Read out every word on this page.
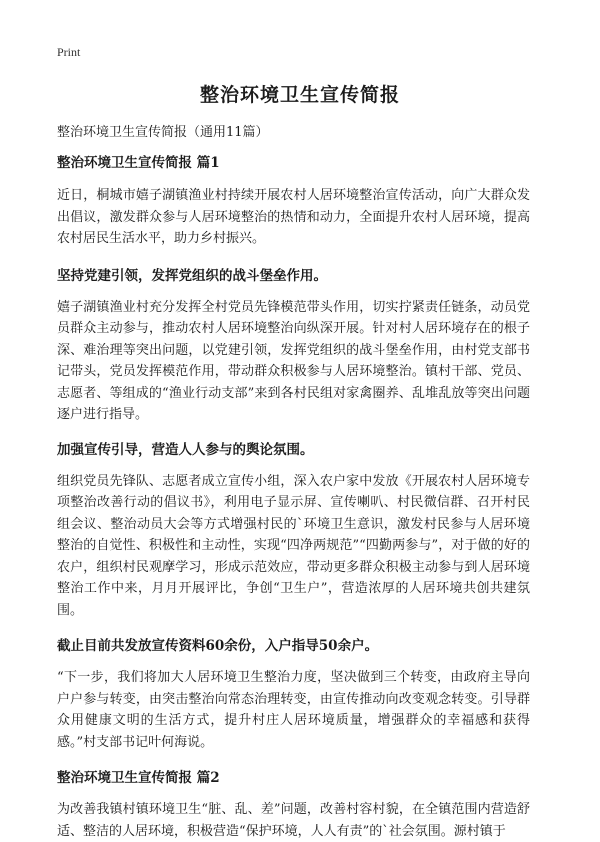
Print
整治环境卫生宣传简报
整治环境卫生宣传简报（通用11篇）
整治环境卫生宣传简报 篇1

近日，桐城市嬉子湖镇渔业村持续开展农村人居环境整治宣传活动，向广大群众发出倡议，激发群众参与人居环境整治的热情和动力，全面提升农村人居环境，提高农村居民生活水平，助力乡村振兴。

坚持党建引领，发挥党组织的战斗堡垒作用。

嬉子湖镇渔业村充分发挥全村党员先锋模范带头作用，切实拧紧责任链条，动员党员群众主动参与，推动农村人居环境整治向纵深开展。针对村人居环境存在的根子深、难治理等突出问题，以党建引领，发挥党组织的战斗堡垒作用，由村党支部书记带头，党员发挥模范作用，带动群众积极参与人居环境整治。镇村干部、党员、志愿者、等组成的“渔业行动支部”来到各村民组对家禽圈养、乱堆乱放等突出问题逐户进行指导。

加强宣传引导，营造人人参与的舆论氛围。

组织党员先锋队、志愿者成立宣传小组，深入农户家中发放《开展农村人居环境专项整治改善行动的倡议书》，利用电子显示屏、宣传喇叭、村民微信群、召开村民组会议、整治动员大会等方式增强村民的`环境卫生意识，激发村民参与人居环境整治的自觉性、积极性和主动性，实现“四净两规范”“四勤两参与”，对于做的好的农户，组织村民观摩学习，形成示范效应，带动更多群众积极主动参与到人居环境整治工作中来，月月开展评比，争创“卫生户”，营造浓厚的人居环境共创共建氛围。

截止目前共发放宣传资料60余份，入户指导50余户。

“下一步，我们将加大人居环境卫生整治力度，坚决做到三个转变，由政府主导向户户参与转变，由突击整治向常态治理转变，由宣传推动向改变观念转变。引导群众用健康文明的生活方式，提升村庄人居环境质量，增强群众的幸福感和获得感。”村支部书记叶何海说。

整治环境卫生宣传简报 篇2

为改善我镇村镇环境卫生“脏、乱、差”问题，改善村容村貌，在全镇范围内营造舒适、整洁的人居环境，积极营造“保护环境，人人有责”的`社会氛围。源村镇于
